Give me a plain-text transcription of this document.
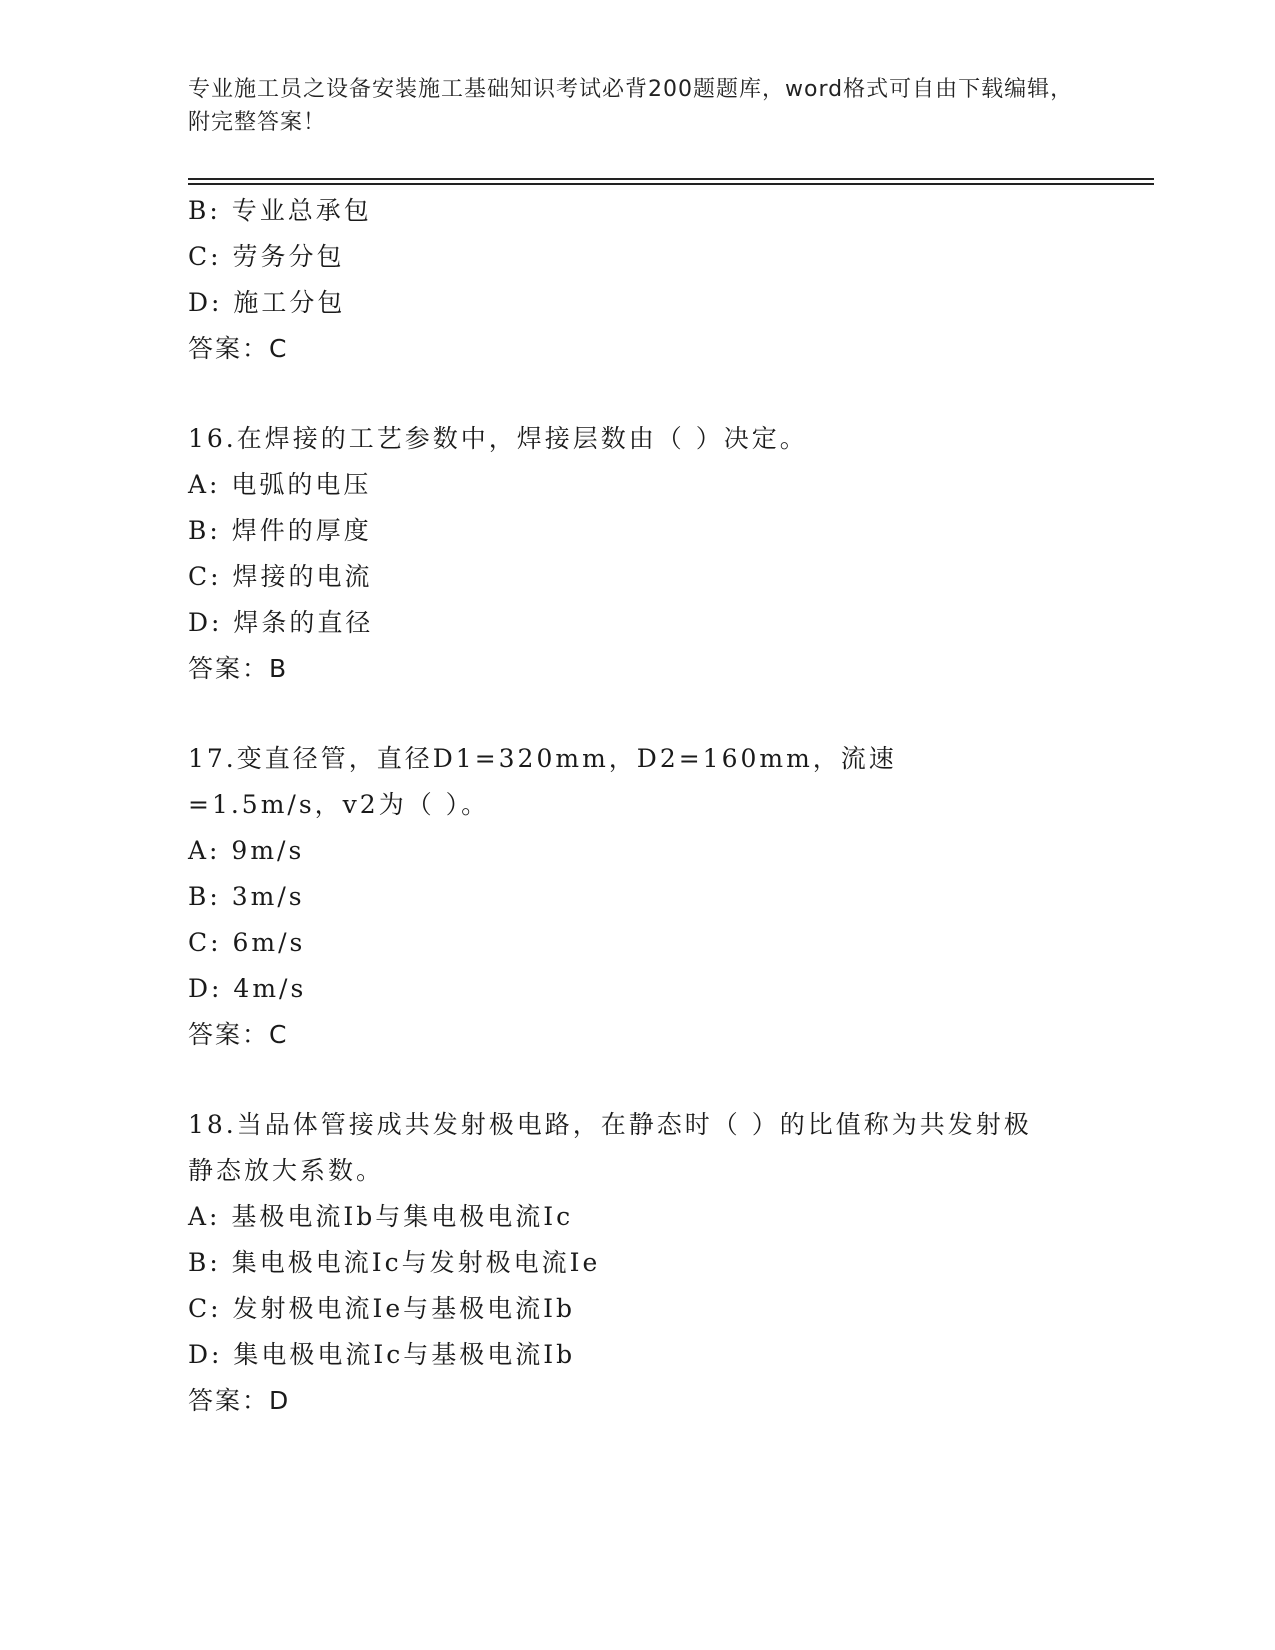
专业施工员之设备安装施工基础知识考试必背200题题库，word格式可自由下载编辑，附完整答案！
B: 专业总承包
C: 劳务分包
D: 施工分包
答案：C
16.在焊接的工艺参数中，焊接层数由（ ）决定。
A: 电弧的电压
B: 焊件的厚度
C: 焊接的电流
D: 焊条的直径
答案：B
17.变直径管，直径D1=320mm，D2=160mm，流速=1.5m/s，v2为（ ）。
A: 9m/s
B: 3m/s
C: 6m/s
D: 4m/s
答案：C
18.当品体管接成共发射极电路，在静态时（ ）的比值称为共发射极静态放大系数。
A: 基极电流Ib与集电极电流Ic
B: 集电极电流Ic与发射极电流Ie
C: 发射极电流Ie与基极电流Ib
D: 集电极电流Ic与基极电流Ib
答案：D
